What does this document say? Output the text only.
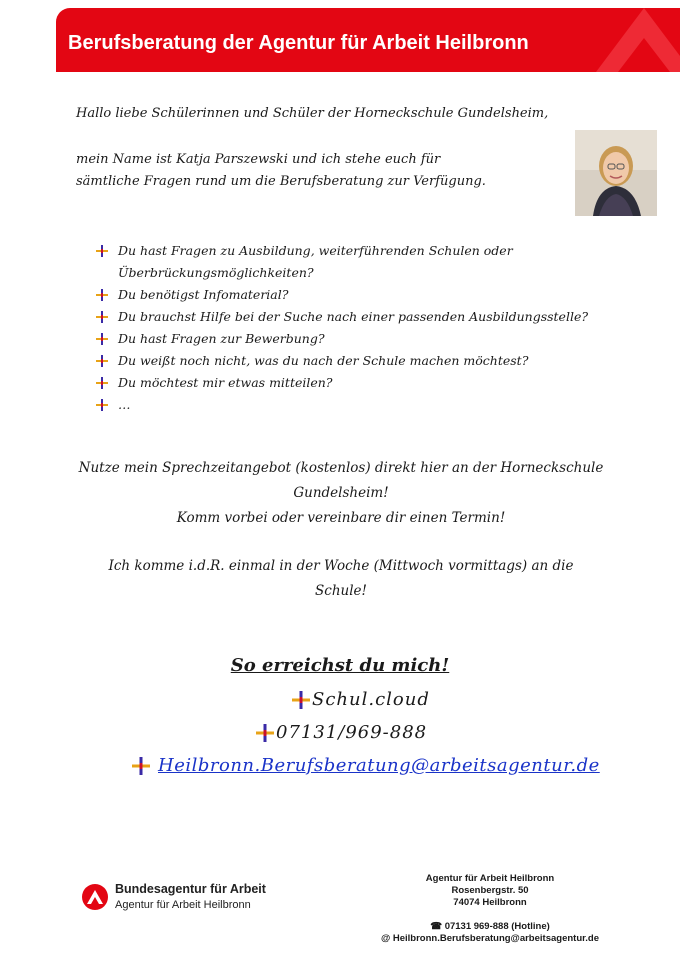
Berufsberatung der Agentur für Arbeit Heilbronn
Hallo liebe Schülerinnen und Schüler der Horneckschule Gundelsheim,
mein Name ist Katja Parszewski und ich stehe euch für
sämtliche Fragen rund um die Berufsberatung zur Verfügung.
Du hast Fragen zu Ausbildung, weiterführenden Schulen oder
Überbrückungsmöglichkeiten?
Du benötigst Infomaterial?
Du brauchst Hilfe bei der Suche nach einer passenden Ausbildungsstelle?
Du hast Fragen zur Bewerbung?
Du weißt noch nicht, was du nach der Schule machen möchtest?
Du möchtest mir etwas mitteilen?
…
Nutze mein Sprechzeitangebot (kostenlos) direkt hier an der Horneckschule
Gundelsheim!
Komm vorbei oder vereinbare dir einen Termin!
Ich komme i.d.R. einmal in der Woche (Mittwoch vormittags) an die
Schule!
So erreichst du mich!
Schul.cloud
07131/969-888
Heilbronn.Berufsberatung@arbeitsagentur.de
Bundesagentur für Arbeit
Agentur für Arbeit Heilbronn
Agentur für Arbeit Heilbronn
Rosenbergstr. 50
74074 Heilbronn
☎ 07131 969-888 (Hotline)
@ Heilbronn.Berufsberatung@arbeitsagentur.de
